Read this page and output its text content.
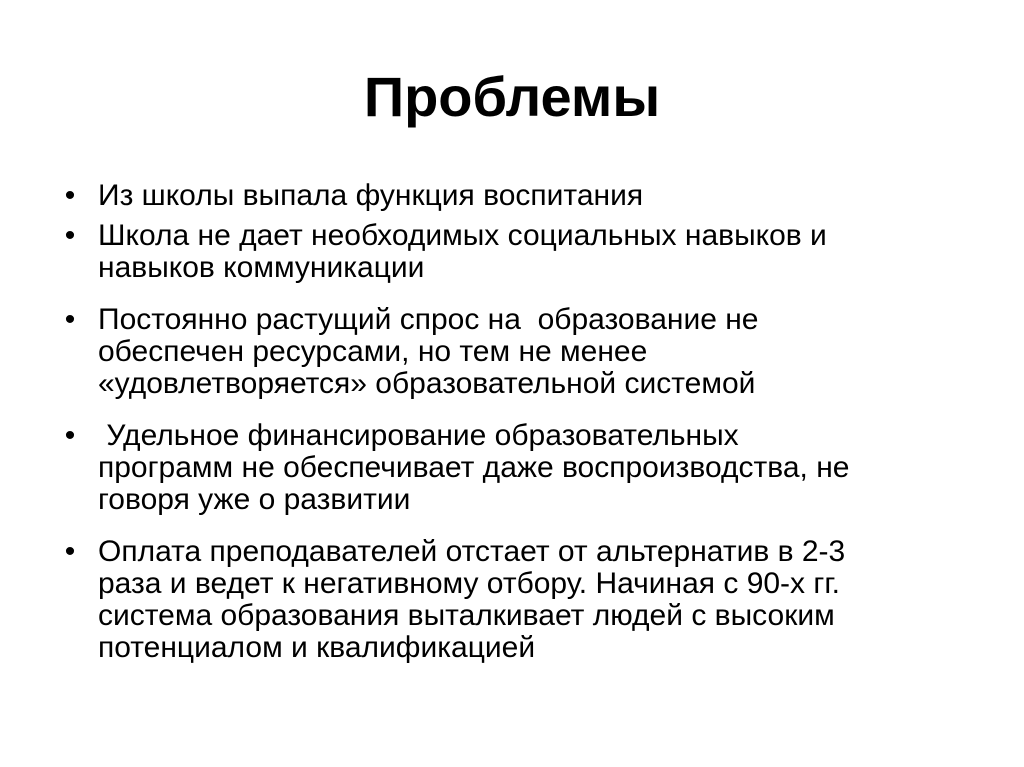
Проблемы
• Из школы выпала функция воспитания
• Школа не дает необходимых социальных навыков и
навыков коммуникации
• Постоянно растущий спрос на  образование не
обеспечен ресурсами, но тем не менее
«удовлетворяется» образовательной системой
• Удельное финансирование образовательных
программ не обеспечивает даже воспроизводства, не
говоря уже о развитии
• Оплата преподавателей отстает от альтернатив в 2-3
раза и ведет к негативному отбору. Начиная с 90-х гг.
система образования выталкивает людей с высоким
потенциалом и квалификацией
